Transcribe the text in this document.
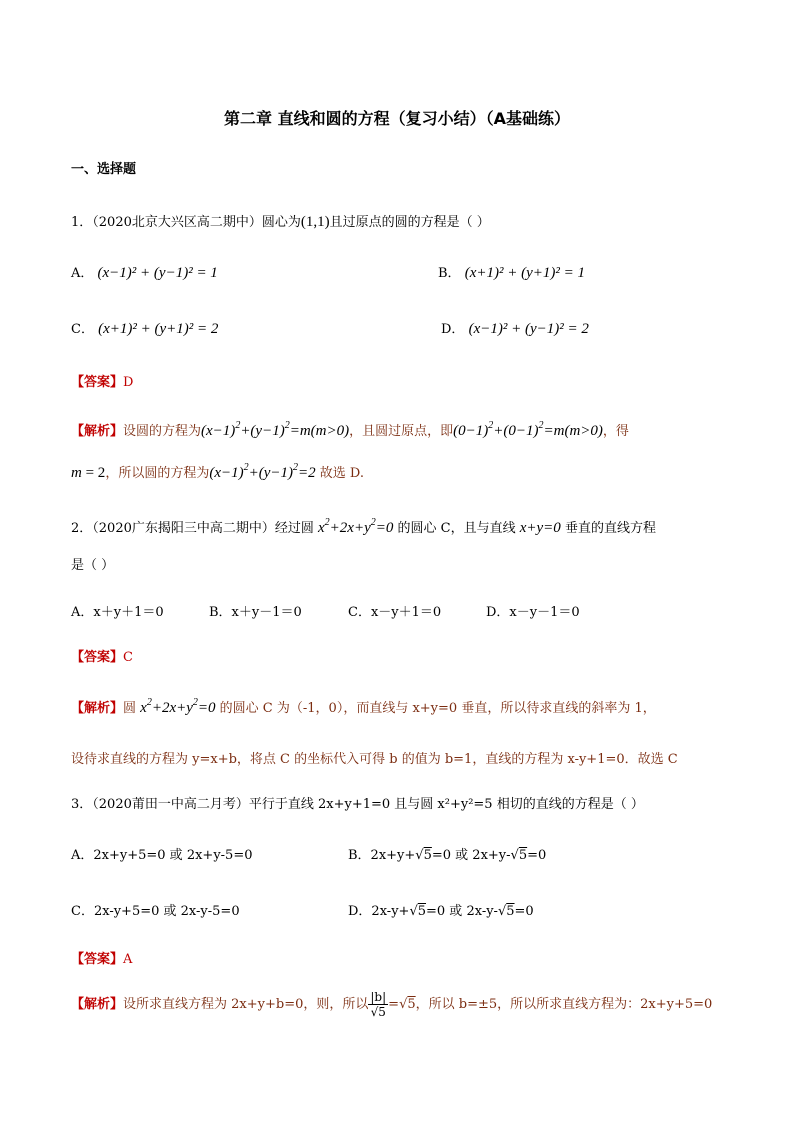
第二章 直线和圆的方程（复习小结）（A基础练）
一、选择题
1．（2020北京大兴区高二期中）圆心为(1,1)且过原点的圆的方程是（ ）
A． (x−1)² + (y−1)² = 1	B． (x+1)² + (y+1)² = 1
C． (x+1)² + (y+1)² = 2	D． (x−1)² + (y−1)² = 2
【答案】D
【解析】设圆的方程为$(x-1)^2+(y-1)^2=m(m>0)$，且圆过原点，即$(0-1)^2+(0-1)^2=m(m>0)$，得
m = 2，所以圆的方程为$(x-1)^2+(y-1)^2=2$ 故选 D.
2．（2020广东揭阳三中高二期中）经过圆 $x^2+2x+y^2=0$ 的圆心 C，且与直线 x+y=0 垂直的直线方程
是（ ）
A．x＋y＋1＝0	B．x＋y－1＝0	C．x－y＋1＝0	D．x－y－1＝0
【答案】C
【解析】圆 $x^2+2x+y^2=0$ 的圆心 C 为（-1，0），而直线与 x+y=0 垂直，所以待求直线的斜率为 1，
设待求直线的方程为 y=x+b，将点 C 的坐标代入可得 b 的值为 b=1，直线的方程为 x-y+1=0．故选 C
3．（2020莆田一中高二月考）平行于直线 2x+y+1=0 且与圆 x²+y²=5 相切的直线的方程是（ ）
A．2x+y+5=0 或 2x+y-5=0	B．2x+y+√5=0 或 2x+y-√5=0
C．2x-y+5=0 或 2x-y-5=0	D．2x-y+√5=0 或 2x-y-√5=0
【答案】A
【解析】设所求直线方程为 2x+y+b=0，则，所以 $\frac{|b|}{√5} =√5$，所以 b=±5，所以所求直线方程为：2x+y+5=0
